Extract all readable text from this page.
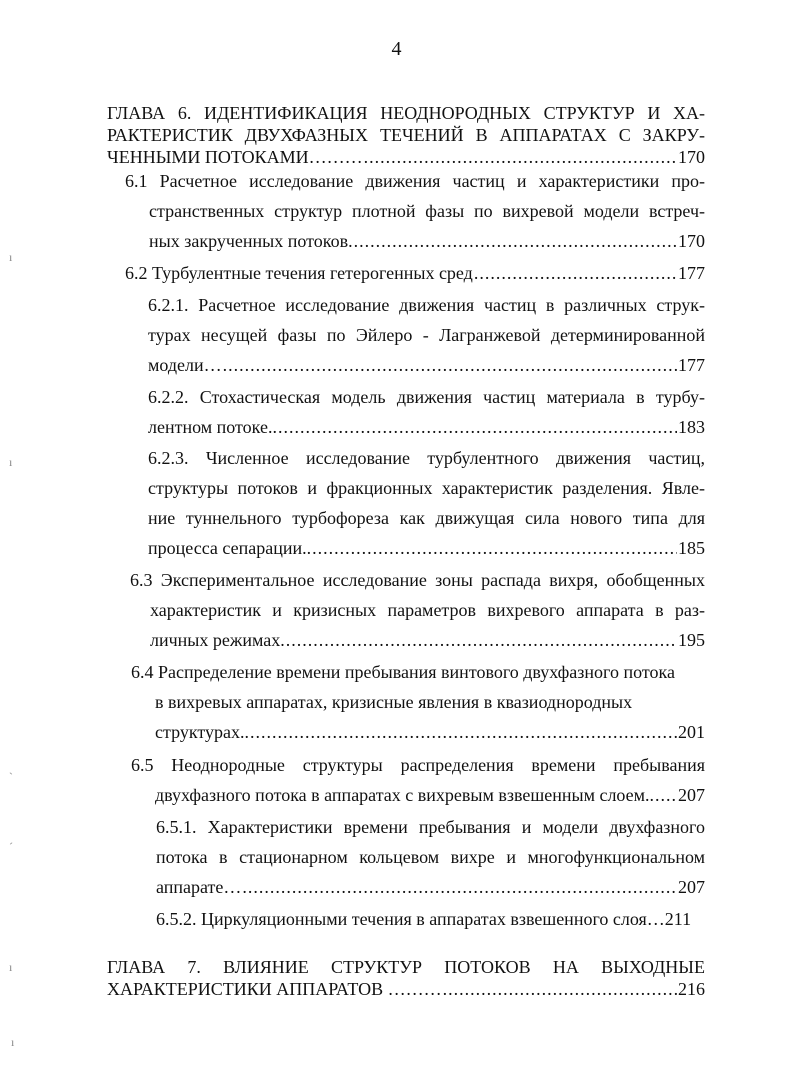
4
ГЛАВА 6. ИДЕНТИФИКАЦИЯ НЕОДНОРОДНЫХ СТРУКТУР И ХА-
РАКТЕРИСТИК ДВУХФАЗНЫХ ТЕЧЕНИЙ В АППАРАТАХ С ЗАКРУ-
ЧЕННЫМИ ПОТОКАМИ……… .....	170
6.1 Расчетное исследование движения частиц и характеристики про-
странственных структур плотной фазы по вихревой модели встреч-
ных закрученных потоков. .....	170
6.2 Турбулентные течения гетерогенных сред .....	177
6.2.1. Расчетное исследование движения частиц в различных струк-
турах несущей фазы по Эйлеро - Лагранжевой детерминированной
модели… .....	177
6.2.2. Стохастическая модель движения частиц материала в турбу-
лентном потоке.. .....	183
6.2.3. Численное исследование турбулентного движения частиц,
структуры потоков и фракционных характеристик разделения. Явле-
ние туннельного турбофореза как движущая сила нового типа для
процесса сепарации.. .....	185
6.3 Экспериментальное исследование зоны распада вихря, обобщенных
характеристик и кризисных параметров вихревого аппарата в раз-
личных режимах. .....	195
6.4 Распределение времени пребывания винтового двухфазного потока
в вихревых аппаратах, кризисные явления в квазиоднородных
структурах.. .....	201
6.5 Неоднородные структуры распределения времени пребывания
двухфазного потока в аппаратах с вихревым взвешенным слоем.. ..... 207
6.5.1. Характеристики времени пребывания и модели двухфазного
потока в стационарном кольцевом вихре и многофункциональном
аппарате… .....	207
6.5.2. Циркуляционными течения в аппаратах взвешенного слоя… 211
ГЛАВА 7. ВЛИЯНИЕ СТРУКТУР ПОТОКОВ НА ВЫХОДНЫЕ
ХАРАКТЕРИСТИКИ АППАРАТОВ ……… .....	216
ı
ı
ˋ
ˊ
ı
ı
